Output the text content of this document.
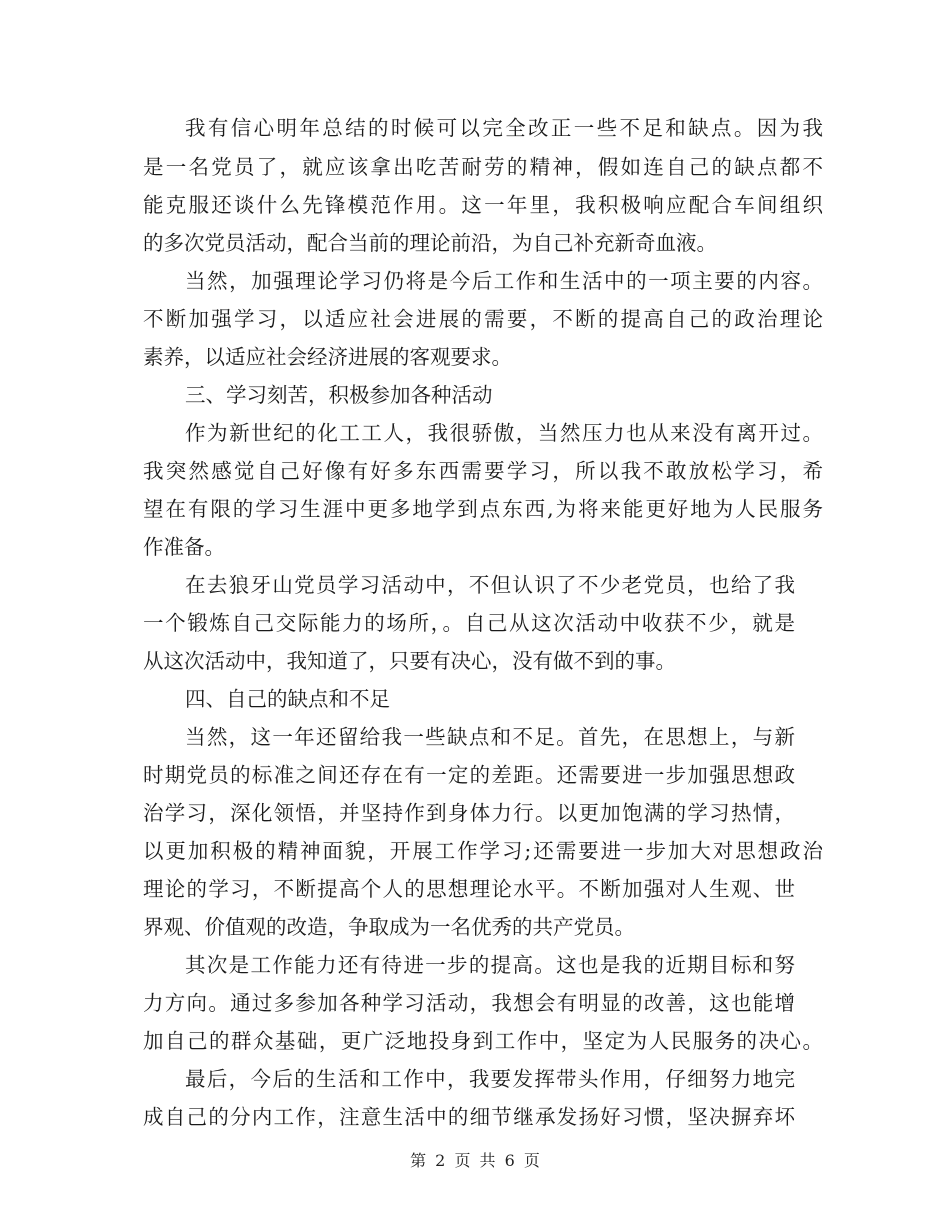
我有信心明年总结的时候可以完全改正一些不足和缺点。因为我
是一名党员了，就应该拿出吃苦耐劳的精神，假如连自己的缺点都不
能克服还谈什么先锋模范作用。这一年里，我积极响应配合车间组织
的多次党员活动，配合当前的理论前沿，为自己补充新奇血液。
当然，加强理论学习仍将是今后工作和生活中的一项主要的内容。
不断加强学习，以适应社会进展的需要，不断的提高自己的政治理论
素养，以适应社会经济进展的客观要求。
三、学习刻苦，积极参加各种活动
作为新世纪的化工工人，我很骄傲，当然压力也从来没有离开过。
我突然感觉自己好像有好多东西需要学习，所以我不敢放松学习，希
望在有限的学习生涯中更多地学到点东西,为将来能更好地为人民服务
作准备。
在去狼牙山党员学习活动中，不但认识了不少老党员，也给了我
一个锻炼自己交际能力的场所，。自己从这次活动中收获不少，就是
从这次活动中，我知道了，只要有决心，没有做不到的事。
四、自己的缺点和不足
当然，这一年还留给我一些缺点和不足。首先，在思想上，与新
时期党员的标准之间还存在有一定的差距。还需要进一步加强思想政
治学习，深化领悟，并坚持作到身体力行。以更加饱满的学习热情，
以更加积极的精神面貌，开展工作学习;还需要进一步加大对思想政治
理论的学习，不断提高个人的思想理论水平。不断加强对人生观、世
界观、价值观的改造，争取成为一名优秀的共产党员。
其次是工作能力还有待进一步的提高。这也是我的近期目标和努
力方向。通过多参加各种学习活动，我想会有明显的改善，这也能增
加自己的群众基础，更广泛地投身到工作中，坚定为人民服务的决心。
最后，今后的生活和工作中，我要发挥带头作用，仔细努力地完
成自己的分内工作，注意生活中的细节继承发扬好习惯，坚决摒弃坏
第 2 页 共 6 页
